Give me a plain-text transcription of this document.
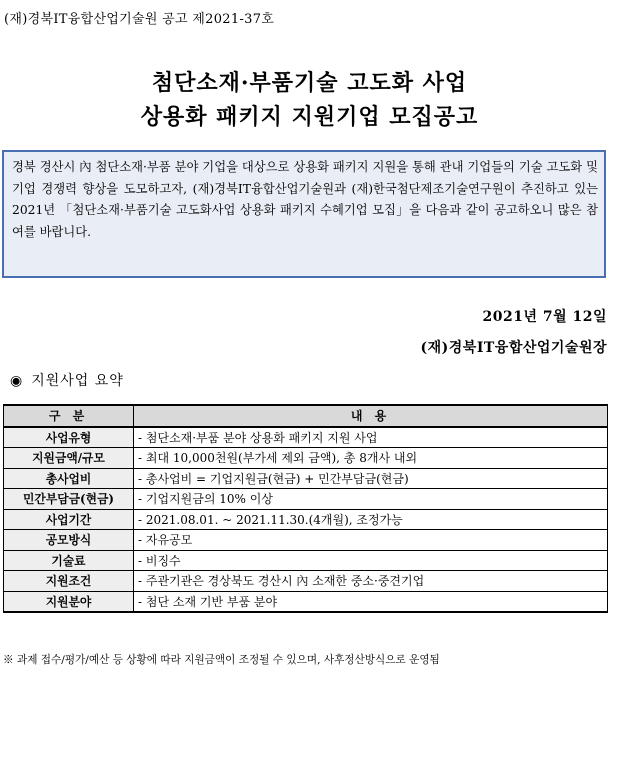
(재)경북IT융합산업기술원 공고 제2021-37호
첨단소재·부품기술 고도화 사업
상용화 패키지 지원기업 모집공고
경북 경산시 內 첨단소재·부품 분야 기업을 대상으로 상용화 패키지 지원을 통해 관내 기업들의 기술 고도화 및 기업 경쟁력 향상을 도모하고자, (재)경북IT융합산업기술원과 (재)한국첨단제조기술연구원이 추진하고 있는 2021년 「첨단소재·부품기술 고도화사업 상용화 패키지 수혜기업 모집」을 다음과 같이 공고하오니 많은 참여를 바랍니다.
2021년 7월 12일
(재)경북IT융합산업기술원장
◉ 지원사업 요약
구 분	내 용
사업유형	- 첨단소재·부품 분야 상용화 패키지 지원 사업
지원금액/규모	- 최대 10,000천원(부가세 제외 금액), 총 8개사 내외
총사업비	- 총사업비 = 기업지원금(현금) + 민간부담금(현금)
민간부담금(현금)	- 기업지원금의 10% 이상
사업기간	- 2021.08.01. ~ 2021.11.30.(4개월), 조정가능
공모방식	- 자유공모
기술료	- 비징수
지원조건	- 주관기관은 경상북도 경산시 內 소재한 중소·중견기업
지원분야	- 첨단 소재 기반 부품 분야
※ 과제 접수/평가/예산 등 상황에 따라 지원금액이 조정될 수 있으며, 사후정산방식으로 운영됨
